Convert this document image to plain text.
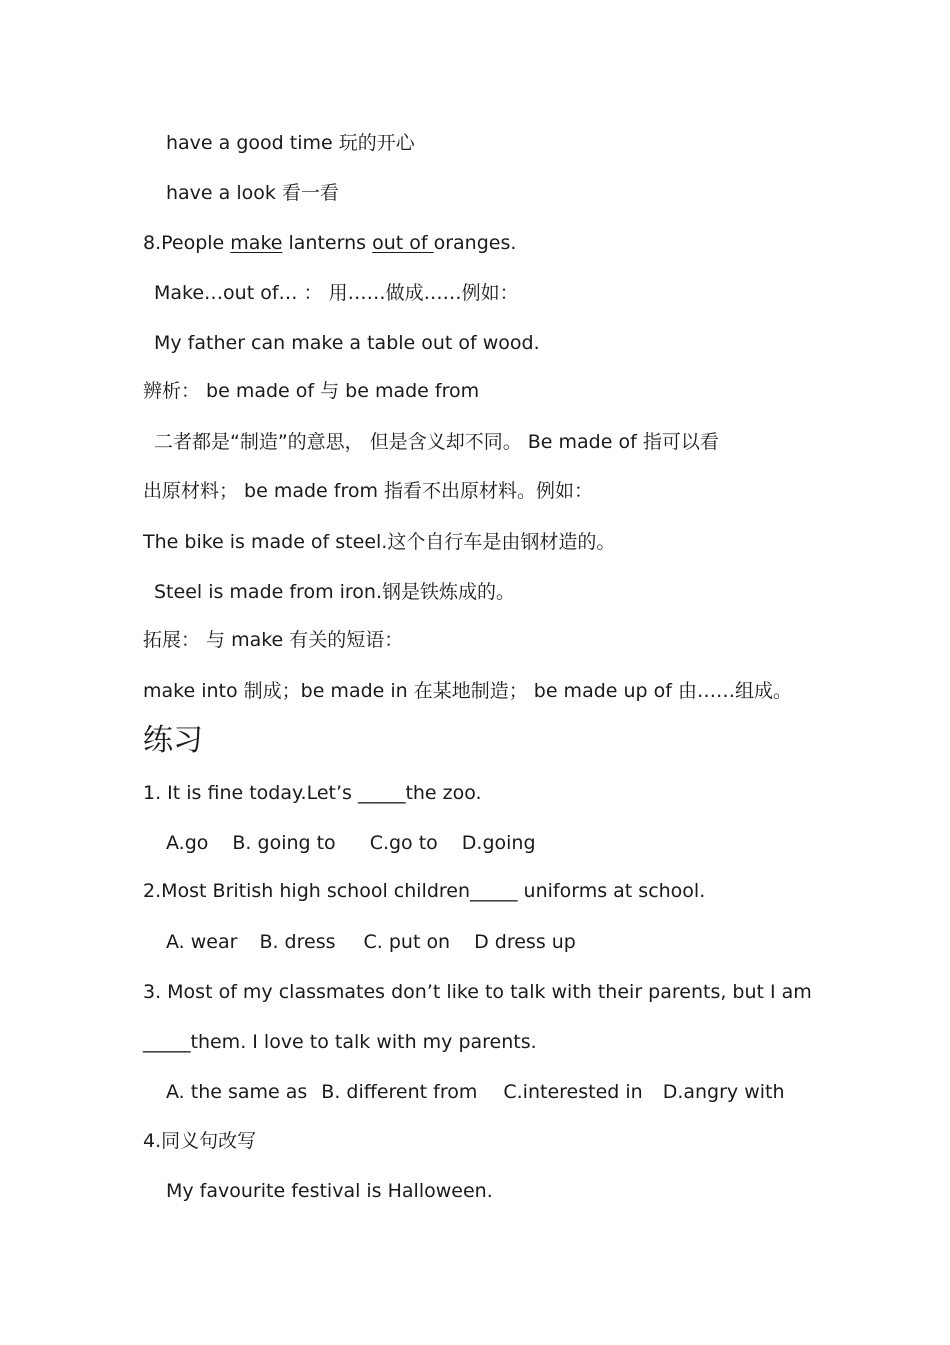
have a good time 玩的开心
have a look 看一看
8.People make lanterns out of oranges.
Make…out of… ： 用……做成……例如：
My father can make a table out of wood.
辨析： be made of 与 be made from
二者都是“制造”的意思， 但是含义却不同。 Be made of 指可以看
出原材料； be made from 指看不出原材料。例如：
The bike is made of steel.这个自行车是由钢材造的。
Steel is made from iron.钢是铁炼成的。
拓展： 与 make 有关的短语：
make into 制成；be made in 在某地制造； be made up of 由……组成。
练习
1. It is fine today.Let’s _____the zoo.
A.go B. going to C.go to D.going
2.Most British high school children_____ uniforms at school.
A. wear B. dress C. put on D dress up
3. Most of my classmates don’t like to talk with their parents, but I am
_____them. I love to talk with my parents.
A. the same as B. different from C.interested in D.angry with
4.同义句改写
My favourite festival is Halloween.
